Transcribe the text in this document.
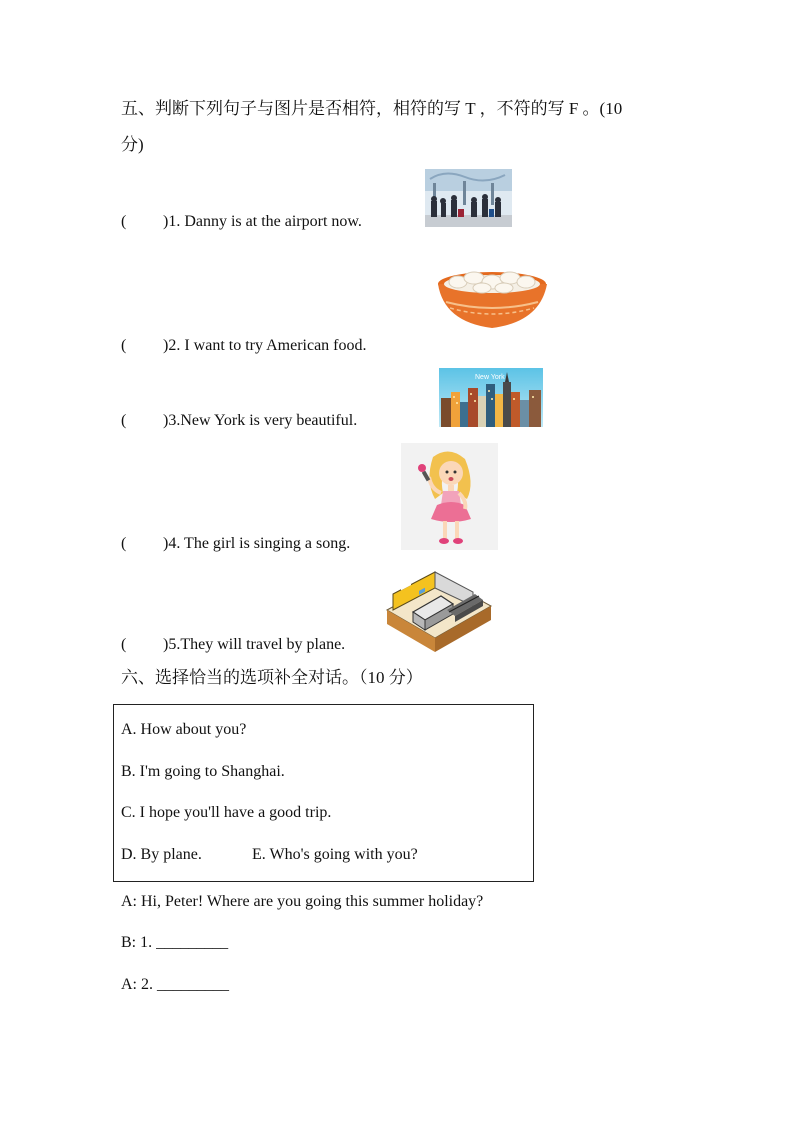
五、判断下列句子与图片是否相符，相符的写 T ，不符的写 F 。(10
分)
( )1. Danny is at the airport now.
( )2. I want to try American food.
New York
( )3.New York is very beautiful.
( )4. The girl is singing a song.
( )5.They will travel by plane.
六、选择恰当的选项补全对话。（10 分）
A. How about you?
B. I'm going to Shanghai.
C. I hope you'll have a good trip.
D. By plane.	E. Who's going with you?
A: Hi, Peter! Where are you going this summer holiday?
B: 1. _________
A: 2. _________
